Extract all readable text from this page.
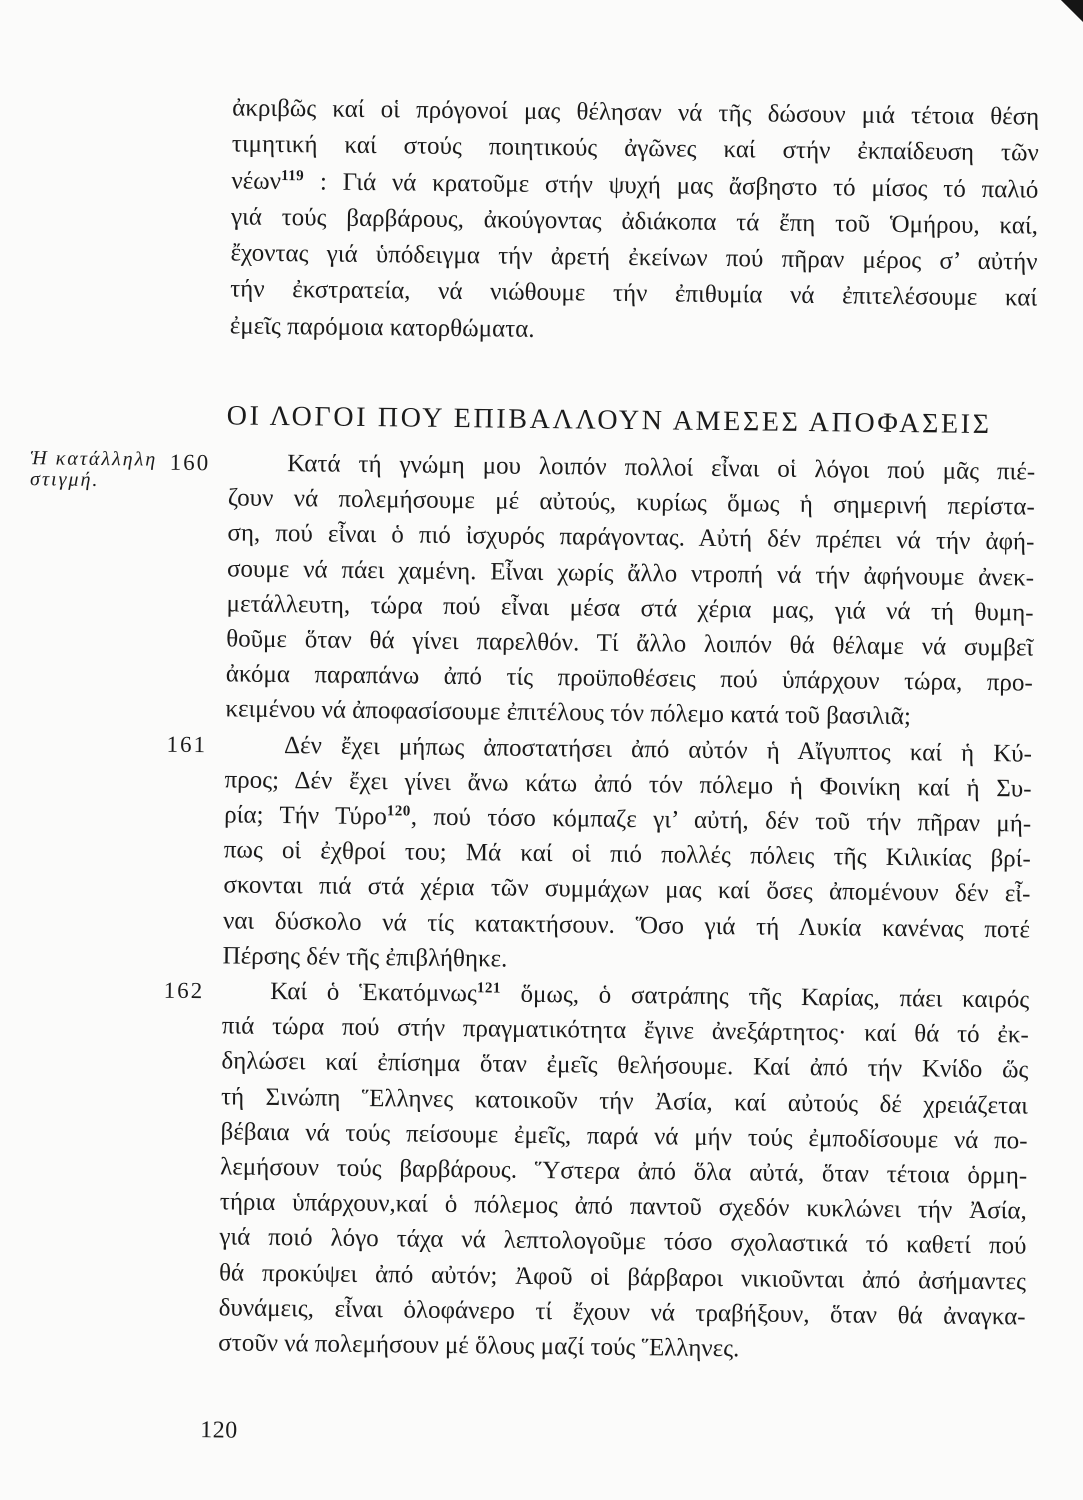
ἀκριβῶς καί οἱ πρόγονοί μας θέλησαν νά τῆς δώσουν μιά τέτοια θέση
τιμητική καί στούς ποιητικούς ἀγῶνες καί στήν ἐκπαίδευση τῶν
νέων$^{119}$ : Γιά νά κρατοῦμε στήν ψυχή μας ἄσβηστο τό μίσος τό παλιό
γιά τούς βαρβάρους, ἀκούγοντας ἀδιάκοπα τά ἔπη τοῦ Ὁμήρου, καί,
ἔχοντας γιά ὑπόδειγμα τήν ἀρετή ἐκείνων πού πῆραν μέρος σ’ αὐτήν
τήν ἐκστρατεία, νά νιώθουμε τήν ἐπιθυμία νά ἐπιτελέσουμε καί
ἐμεῖς παρόμοια κατορθώματα.
ΟΙ ΛΟΓΟΙ ΠΟΥ ΕΠΙΒΑΛΛΟΥΝ ΑΜΕΣΕΣ ΑΠΟΦΑΣΕΙΣ
Ἡ κατάλληλη
στιγμή.
160	Κατά τή γνώμη μου λοιπόν πολλοί εἶναι οἱ λόγοι πού μᾶς πιέ-
ζουν νά πολεμήσουμε μέ αὐτούς, κυρίως ὅμως ἡ σημερινή περίστα-
ση, πού εἶναι ὁ πιό ἰσχυρός παράγοντας. Αὐτή δέν πρέπει νά τήν ἀφή-
σουμε νά πάει χαμένη. Εἶναι χωρίς ἄλλο ντροπή νά τήν ἀφήνουμε ἀνεκ-
μετάλλευτη, τώρα πού εἶναι μέσα στά χέρια μας, γιά νά τή θυμη-
θοῦμε ὅταν θά γίνει παρελθόν. Τί ἄλλο λοιπόν θά θέλαμε νά συμβεῖ
ἀκόμα παραπάνω ἀπό τίς προϋποθέσεις πού ὑπάρχουν τώρα, προ-
κειμένου νά ἀποφασίσουμε ἐπιτέλους τόν πόλεμο κατά τοῦ βασιλιᾶ;
161	Δέν ἔχει μήπως ἀποστατήσει ἀπό αὐτόν ἡ Αἴγυπτος καί ἡ Κύ-
προς; Δέν ἔχει γίνει ἄνω κάτω ἀπό τόν πόλεμο ἡ Φοινίκη καί ἡ Συ-
ρία; Τήν Τύρο$^{120}$, πού τόσο κόμπαζε γι’ αὐτή, δέν τοῦ τήν πῆραν μή-
πως οἱ ἐχθροί του; Μά καί οἱ πιό πολλές πόλεις τῆς Κιλικίας βρί-
σκονται πιά στά χέρια τῶν συμμάχων μας καί ὅσες ἀπομένουν δέν εἶ-
ναι δύσκολο νά τίς κατακτήσουν. Ὅσο γιά τή Λυκία κανένας ποτέ
Πέρσης δέν τῆς ἐπιβλήθηκε.
162	Καί ὁ Ἑκατόμνως$^{121}$ ὅμως, ὁ σατράπης τῆς Καρίας, πάει καιρός
πιά τώρα πού στήν πραγματικότητα ἔγινε ἀνεξάρτητος· καί θά τό ἐκ-
δηλώσει καί ἐπίσημα ὅταν ἐμεῖς θελήσουμε. Καί ἀπό τήν Κνίδο ὥς
τή Σινώπη Ἕλληνες κατοικοῦν τήν Ἀσία, καί αὐτούς δέ χρειάζεται
βέβαια νά τούς πείσουμε ἐμεῖς, παρά νά μήν τούς ἐμποδίσουμε νά πο-
λεμήσουν τούς βαρβάρους. Ὕστερα ἀπό ὅλα αὐτά, ὅταν τέτοια ὁρμη-
τήρια ὑπάρχουν,καί ὁ πόλεμος ἀπό παντοῦ σχεδόν κυκλώνει τήν Ἀσία,
γιά ποιό λόγο τάχα νά λεπτολογοῦμε τόσο σχολαστικά τό καθετί πού
θά προκύψει ἀπό αὐτόν; Ἀφοῦ οἱ βάρβαροι νικιοῦνται ἀπό ἀσήμαντες
δυνάμεις, εἶναι ὁλοφάνερο τί ἔχουν νά τραβήξουν, ὅταν θά ἀναγκα-
στοῦν νά πολεμήσουν μέ ὅλους μαζί τούς Ἕλληνες.
120
